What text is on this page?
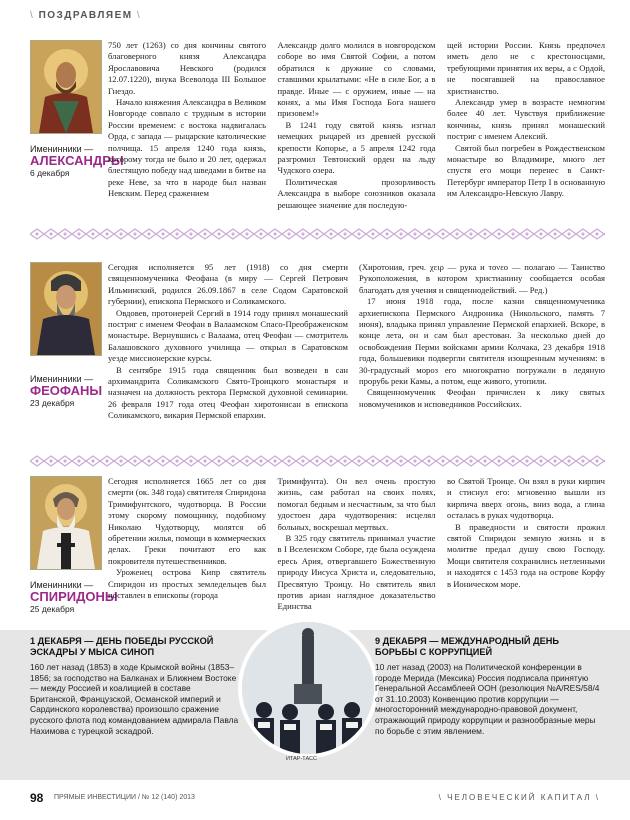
\ ПОЗДРАВЛЯЕМ \
Именинники —
АЛЕКСАНДРЫ
6 декабря

750 лет (1263) со дня кончины святого благоверного князя Александра Ярославовича Невского (родился 12.07.1220), внука Всеволода III Большое Гнездо.

Начало княжения Александра в Великом Новгороде совпало с трудным в истории России временем: с востока надвигалась Орда, с запада — рыцарские католические полчища. 15 апреля 1240 года князь, которому тогда не было и 20 лет, одержал блестящую победу над шведами в битве на реке Неве, за что в народе был назван Невским. Перед сражением

Александр долго молился в новгородском соборе во имя Святой Софии, а потом обратился к дружине со словами, ставшими крылатыми: «Не в силе Бог, а в правде. Иные — с оружием, иные — на конях, а мы Имя Господа Бога нашего призовем!»

В 1241 году святой князь изгнал немецких рыцарей из древней русской крепости Копорье, а 5 апреля 1242 года разгромил Тевтонский орден на льду Чудского озера.

Политическая прозорливость Александра в выборе союзников оказала решающее значение для последую-

щей истории России. Князь предпочел иметь дело не с крестоносцами, требующими принятия их веры, а с Ордой, не посягавшей на православное христианство.

Александр умер в возрасте немногим более 40 лет. Чувствуя приближение кончины, князь принял монашеский постриг с именем Алексий.

Святой был погребен в Рождественском монастыре во Владимире, много лет спустя его мощи перенес в Санкт-Петербург император Петр I в основанную им Александро-Невскую Лавру.

Именинники —
ФЕОФАНЫ
23 декабря

Сегодня исполняется 95 лет (1918) со дня смерти священномученика Феофана (в миру — Сергей Петрович Ильминский, родился 26.09.1867 в селе Содом Саратовской губернии), епископа Пермского и Соликамского.

Овдовев, протоиерей Сергий в 1914 году принял монашеский постриг с именем Феофан в Валаамском Спасо-Преображенском монастыре. Вернувшись с Валаама, отец Феофан — смотритель Балашовского духовного училища — открыл в Саратовском уезде миссионерские курсы.

В сентябре 1915 года священник был возведен в сан архимандрита Соликамского Свято-Троицкого монастыря и назначен на должность ректора Пермской духовной семинарии. 26 февраля 1917 года отец Феофан хиротонисан в епископа Соликамского, викария Пермской епархии.

(Хиротония, греч. χειρ — рука и τονεο — полагаю — Таинство Рукоположения, в котором христианину сообщается особая благодать для учения и священнодействий. — Ред.)

17 июня 1918 года, после казни священномученика архиепископа Пермского Андроника (Никольского, память 7 июня), владыка принял управление Пермской епархией. Вскоре, в конце лета, он и сам был арестован. За несколько дней до освобождения Перми войсками армии Колчака, 23 декабря 1918 года, большевики подвергли святителя изощренным мучениям: в 30-градусный мороз его многократно погружали в ледяную прорубь реки Камы, а потом, еще живого, утопили.

Священномученик Феофан причислен к лику святых новомучеников и исповедников Российских.

Именинники —
СПИРИДОНЫ
25 декабря

Сегодня исполняется 1665 лет со дня смерти (ок. 348 года) святителя Спиридона Тримифунтского, чудотворца. В России этому скорому помощнику, подобному Николаю Чудотворцу, молятся об обретении жилья, помощи в коммерческих делах. Греки почитают его как покровителя путешественников.

Уроженец острова Кипр святитель Спиридон из простых земледельцев был поставлен в епископы (города

Тримифунта). Он вел очень простую жизнь, сам работал на своих полях, помогал бедным и несчастным, за что был удостоен дара чудотворения: исцелял больных, воскрешал мертвых.

В 325 году святитель принимал участие в I Вселенском Соборе, где была осуждена ересь Ария, отвергавшего Божественную природу Иисуса Христа и, следовательно, Пресвятую Троицу. Но святитель явил против ариан наглядное доказательство Единства

во Святой Троице. Он взял в руки кирпич и стиснул его: мгновенно вышли из кирпича вверх огонь, вниз вода, а глина осталась в руках чудотворца.

В праведности и святости прожил святой Спиридон земную жизнь и в молитве предал душу свою Господу. Мощи святителя сохранились нетленными и находятся с 1453 года на острове Корфу в Ионическом море.

1 ДЕКАБРЯ — ДЕНЬ ПОБЕДЫ РУССКОЙ ЭСКАДРЫ У МЫСА СИНОП
160 лет назад (1853) в ходе Крымской войны (1853–1856; за господство на Балканах и Ближнем Востоке — между Россией и коалицией в составе Британской, Французской, Османской империй и Сардинского королевства) произошло сражение русского флота под командованием адмирала Павла Нахимова с турецкой эскадрой.
ИТАР-ТАСС
9 ДЕКАБРЯ — МЕЖДУНАРОДНЫЙ ДЕНЬ БОРЬБЫ С КОРРУПЦИЕЙ
10 лет назад (2003) на Политической конференции в городе Мерида (Мексика) Россия подписала принятую Генеральной Ассамблеей ООН (резолюция №A/RES/58/4 от 31.10.2003) Конвенцию против коррупции — многосторонний международно-правовой документ, отражающий природу коррупции и разнообразные меры по борьбе с этим явлением.
98 ПРЯМЫЕ ИНВЕСТИЦИИ / № 12 (140) 2013	\ ЧЕЛОВЕЧЕСКИЙ КАПИТАЛ \
